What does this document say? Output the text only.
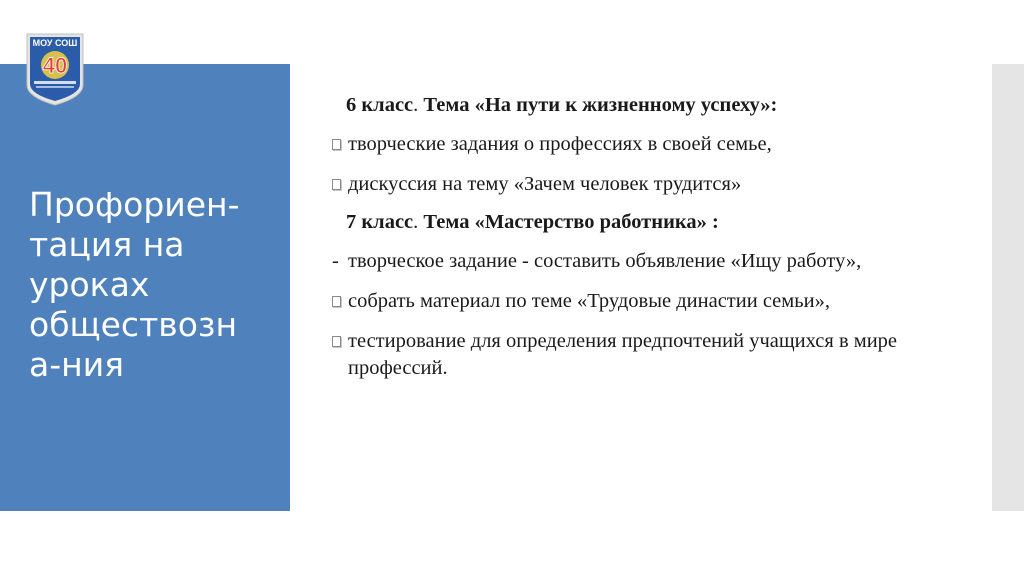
МОУ СОШ
40
Профориен-
тация на
уроках
обществозн
а-ния
6 класс. Тема «На пути к жизненному успеху»:
творческие задания о профессиях в своей семье,
дискуссия на тему «Зачем человек трудится»
7 класс. Тема «Мастерство работника» :
- творческое задание - составить объявление «Ищу работу»,
собрать материал по теме «Трудовые династии семьи»,
тестирование для определения предпочтений учащихся в мире профессий.
